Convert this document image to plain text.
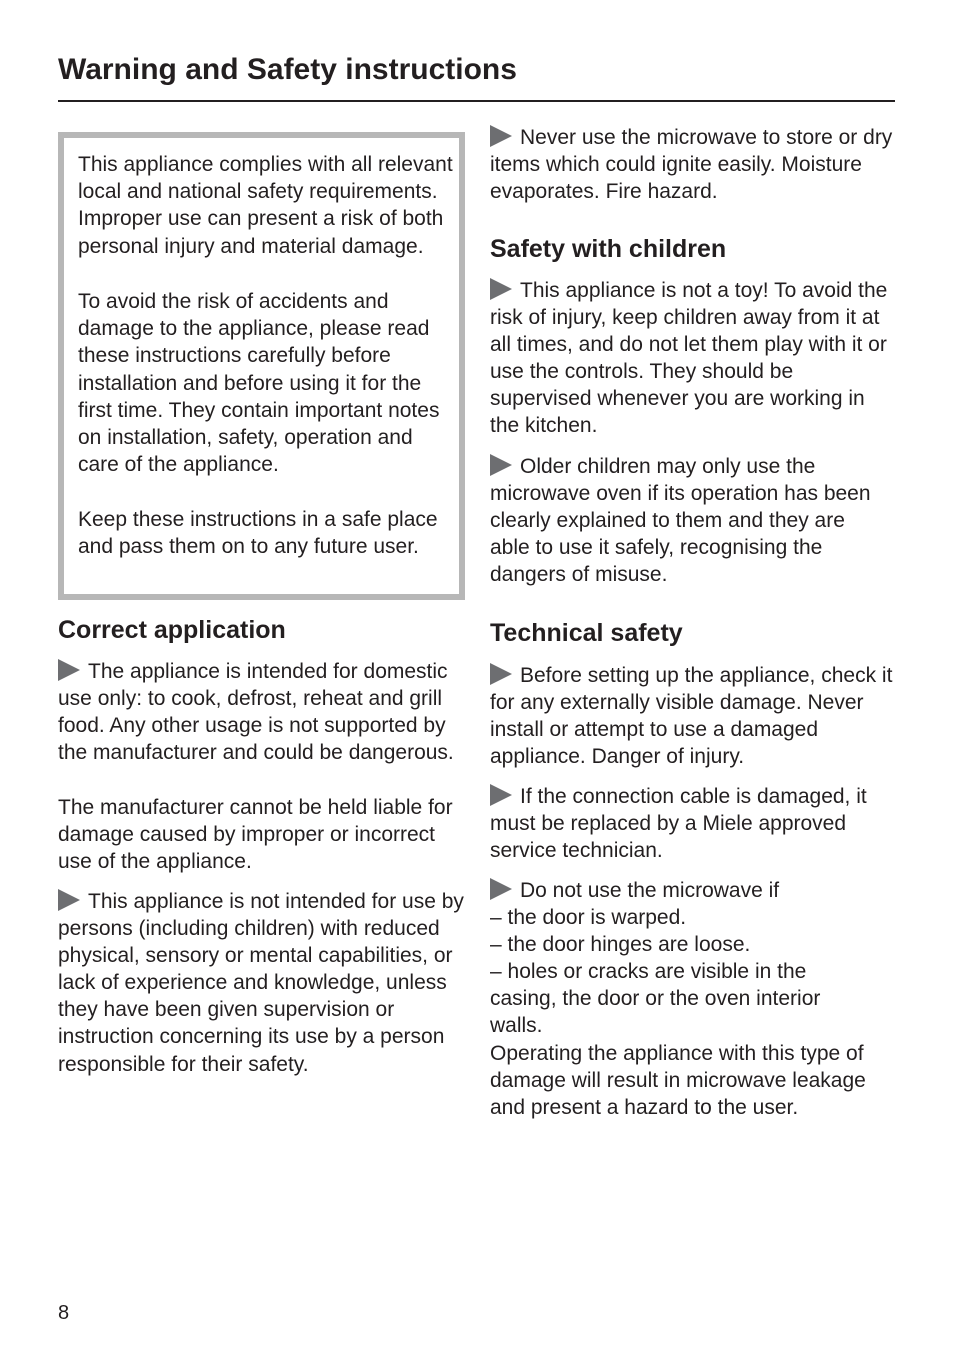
Warning and Safety instructions

This appliance complies with all relevant local and national safety requirements. Improper use can present a risk of both personal injury and material damage.

To avoid the risk of accidents and damage to the appliance, please read these instructions carefully before installation and before using it for the first time. They contain important notes on installation, safety, operation and care of the appliance.

Keep these instructions in a safe place and pass them on to any future user.

Correct application

The appliance is intended for domestic use only: to cook, defrost, reheat and grill food. Any other usage is not supported by the manufacturer and could be dangerous.

The manufacturer cannot be held liable for damage caused by improper or incorrect use of the appliance.

This appliance is not intended for use by persons (including children) with reduced physical, sensory or mental capabilities, or lack of experience and knowledge, unless they have been given supervision or instruction concerning its use by a person responsible for their safety.

Never use the microwave to store or dry items which could ignite easily. Moisture evaporates. Fire hazard.

Safety with children

This appliance is not a toy! To avoid the risk of injury, keep children away from it at all times, and do not let them play with it or use the controls. They should be supervised whenever you are working in the kitchen.

Older children may only use the microwave oven if its operation has been clearly explained to them and they are able to use it safely, recognising the dangers of misuse.

Technical safety

Before setting up the appliance, check it for any externally visible damage. Never install or attempt to use a damaged appliance. Danger of injury.

If the connection cable is damaged, it must be replaced by a Miele approved service technician.

Do not use the microwave if
– the door is warped.
– the door hinges are loose.
– holes or cracks are visible in the casing, the door or the oven interior walls.
Operating the appliance with this type of damage will result in microwave leakage and present a hazard to the user.
8
